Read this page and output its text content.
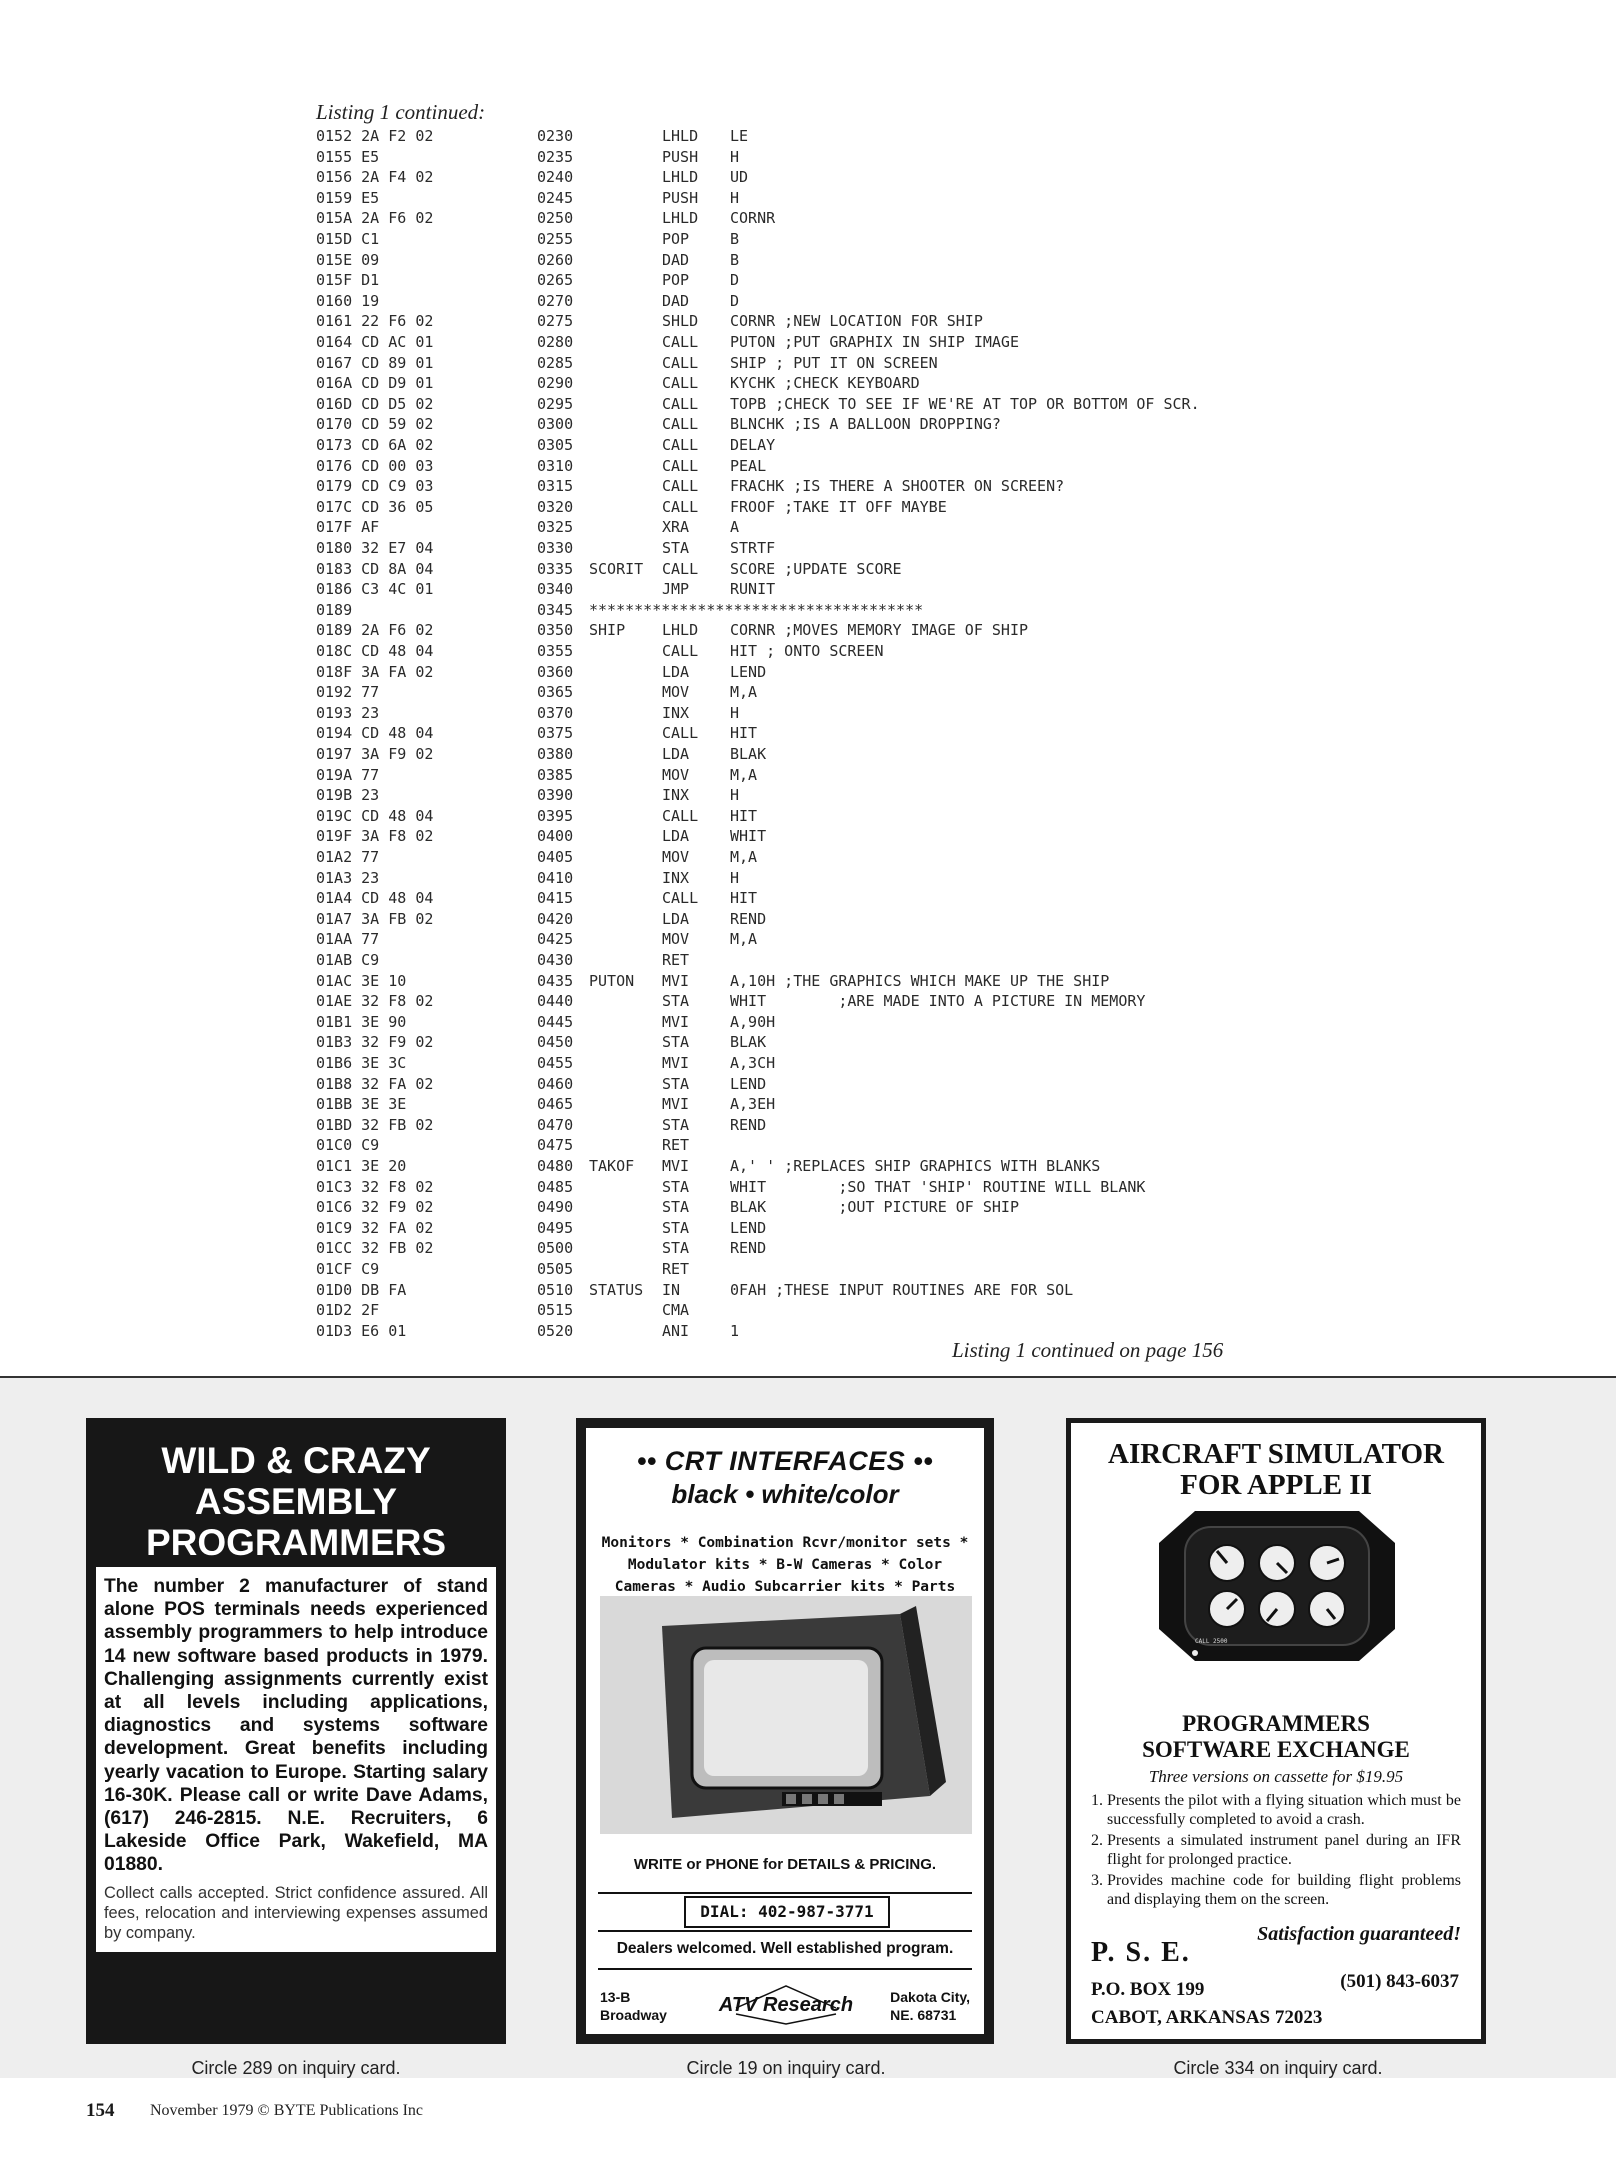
Listing 1 continued:
0152 2A F2 02	0230	LHLD LE
0155 E5	0235	PUSH H
0156 2A F4 02	0240	LHLD UD
0159 E5	0245	PUSH H
015A 2A F6 02	0250	LHLD CORNR
015D C1	0255	POP	B
015E 09	0260	DAD	B
015F D1	0265	POP	D
0160 19	0270	DAD	D
0161 22 F6 02	0275	SHLD CORNR ;NEW LOCATION FOR SHIP
0164 CD AC 01	0280	CALL PUTON ;PUT GRAPHIX IN SHIP IMAGE
0167 CD 89 01	0285	CALL SHIP ; PUT IT ON SCREEN
016A CD D9 01	0290	CALL KYCHK ;CHECK KEYBOARD
016D CD D5 02	0295	CALL TOPB ;CHECK TO SEE IF WE'RE AT TOP OR BOTTOM OF SCR.
0170 CD 59 02	0300	CALL BLNCHK ;IS A BALLOON DROPPING?
0173 CD 6A 02	0305	CALL DELAY
0176 CD 00 03	0310	CALL PEAL
0179 CD C9 03	0315	CALL FRACHK ;IS THERE A SHOOTER ON SCREEN?
017C CD 36 05	0320	CALL FROOF ;TAKE IT OFF MAYBE
017F AF	0325	XRA	A
0180 32 E7 04	0330	STA	STRTF
0183 CD 8A 04	0335 SCORIT CALL SCORE ;UPDATE SCORE
0186 C3 4C 01	0340	JMP	RUNIT
0189	0345 *************************************
0189 2A F6 02	0350 SHIP LHLD CORNR ;MOVES MEMORY IMAGE OF SHIP
018C CD 48 04	0355	CALL HIT ; ONTO SCREEN
018F 3A FA 02	0360	LDA	LEND
0192 77	0365	MOV	M,A
0193 23	0370	INX	H
0194 CD 48 04	0375	CALL HIT
0197 3A F9 02	0380	LDA	BLAK
019A 77	0385	MOV	M,A
019B 23	0390	INX	H
019C CD 48 04	0395	CALL HIT
019F 3A F8 02	0400	LDA	WHIT
01A2 77	0405	MOV	M,A
01A3 23	0410	INX	H
01A4 CD 48 04	0415	CALL HIT
01A7 3A FB 02	0420	LDA	REND
01AA 77	0425	MOV	M,A
01AB C9	0430	RET
01AC 3E 10	0435 PUTON MVI	A,10H ;THE GRAPHICS WHICH MAKE UP THE SHIP
01AE 32 F8 02	0440	STA	WHIT        ;ARE MADE INTO A PICTURE IN MEMORY
01B1 3E 90	0445	MVI	A,90H
01B3 32 F9 02	0450	STA	BLAK
01B6 3E 3C	0455	MVI	A,3CH
01B8 32 FA 02	0460	STA	LEND
01BB 3E 3E	0465	MVI	A,3EH
01BD 32 FB 02	0470	STA	REND
01C0 C9	0475	RET
01C1 3E 20	0480 TAKOF MVI	A,' ' ;REPLACES SHIP GRAPHICS WITH BLANKS
01C3 32 F8 02	0485	STA	WHIT        ;SO THAT 'SHIP' ROUTINE WILL BLANK
01C6 32 F9 02	0490	STA	BLAK        ;OUT PICTURE OF SHIP
01C9 32 FA 02	0495	STA	LEND
01CC 32 FB 02	0500	STA	REND
01CF C9	0505	RET
01D0 DB FA	0510 STATUS IN	0FAH ;THESE INPUT ROUTINES ARE FOR SOL
01D2 2F	0515	CMA
01D3 E6 01	0520	ANI	1
Listing 1 continued on page 156

WILD & CRAZY ASSEMBLY PROGRAMMERS

The number 2 manufacturer of stand alone POS terminals needs experienced assembly programmers to help introduce 14 new software based products in 1979. Challenging assignments currently exist at all levels including applications, diagnostics and systems software development. Great benefits including yearly vacation to Europe. Starting salary 16-30K. Please call or write Dave Adams, (617) 246-2815. N.E. Recruiters, 6 Lakeside Office Park, Wakefield, MA 01880.

Collect calls accepted. Strict confidence assured. All fees, relocation and interviewing expenses assumed by company.

Circle 289 on inquiry card.
•• CRT INTERFACES ••
black • white/color
Monitors * Combination Rcvr/monitor sets * Modulator kits * B-W Cameras * Color Cameras * Audio Subcarrier kits * Parts
WRITE or PHONE for DETAILS & PRICING.
DIAL: 402-987-3771
Dealers welcomed. Well established program.
13-B
Broadway	ATV Research	Dakota City,
NE. 68731
Circle 19 on inquiry card.
AIRCRAFT SIMULATOR
FOR APPLE II
CALL 2500
PROGRAMMERS
SOFTWARE EXCHANGE
Three versions on cassette for $19.95
1. Presents the pilot with a flying situation which must be successfully completed to avoid a crash.
2. Presents a simulated instrument panel during an IFR flight for prolonged practice.
3. Provides machine code for building flight problems and displaying them on the screen.
Satisfaction guaranteed!
P. S. E.
(501) 843-6037
P.O. BOX 199
CABOT, ARKANSAS 72023
Circle 334 on inquiry card.
154 November 1979 © BYTE Publications Inc
